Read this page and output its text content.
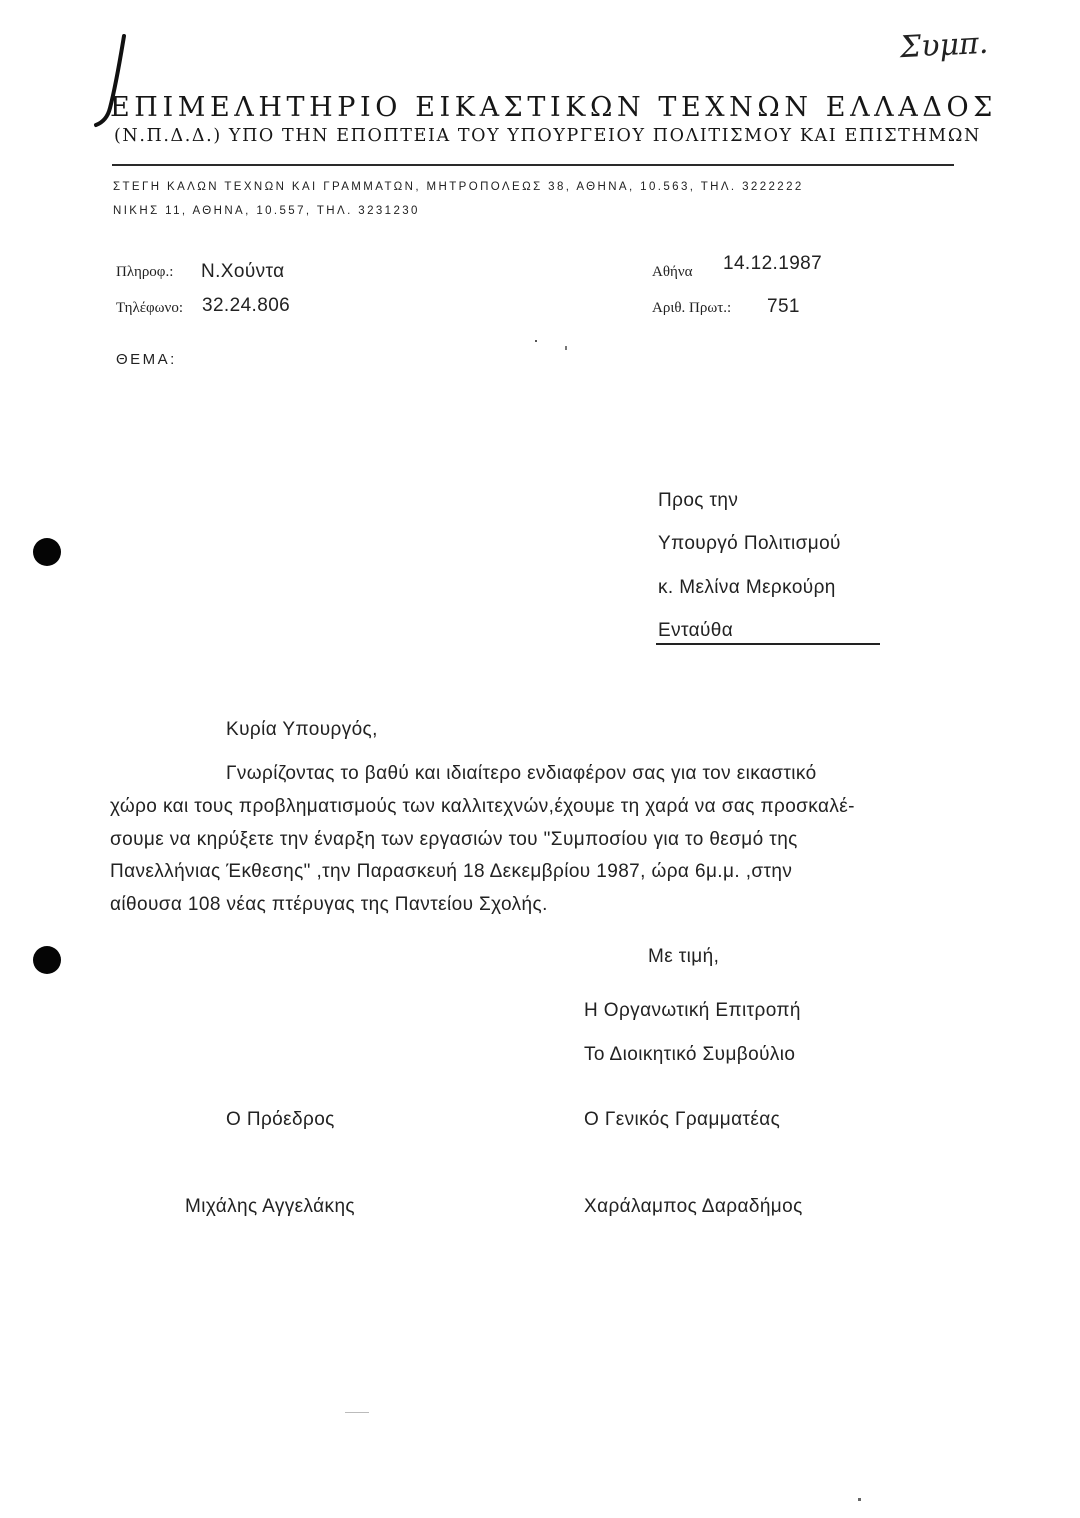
Συμπ.
ΕΠΙΜΕΛΗΤΗΡΙΟ ΕΙΚΑΣΤΙΚΩΝ ΤΕΧΝΩΝ ΕΛΛΑΔΟΣ
(Ν.Π.Δ.Δ.) ΥΠΟ ΤΗΝ ΕΠΟΠΤΕΙΑ ΤΟΥ ΥΠΟΥΡΓΕΙΟΥ ΠΟΛΙΤΙΣΜΟΥ ΚΑΙ ΕΠΙΣΤΗΜΩΝ
ΣΤΕΓΗ ΚΑΛΩΝ ΤΕΧΝΩΝ ΚΑΙ ΓΡΑΜΜΑΤΩΝ, ΜΗΤΡΟΠΟΛΕΩΣ 38, ΑΘΗΝΑ, 10.563, ΤΗΛ. 3222222
ΝΙΚΗΣ 11, ΑΘΗΝΑ, 10.557, ΤΗΛ. 3231230
Πληροφ.: Ν.Χούντα
Τηλέφωνο: 32.24.806
Αθήνα 14.12.1987
Αριθ. Πρωτ.: 751
ΘΕΜΑ:
Προς την
Υπουργό Πολιτισμού
κ. Μελίνα Μερκούρη
Ενταύθα
Κυρία Υπουργός,
Γνωρίζοντας το βαθύ και ιδιαίτερο ενδιαφέρον σας για τον εικαστικό
χώρο και τους προβληματισμούς των καλλιτεχνών,έχουμε τη χαρά να σας προσκαλέ-
σουμε να κηρύξετε την έναρξη των εργασιών του "Συμποσίου για το θεσμό της
Πανελλήνιας Έκθεσης" ,την Παρασκευή 18 Δεκεμβρίου 1987, ώρα 6μ.μ. ,στην
αίθουσα 108 νέας πτέρυγας της Παντείου Σχολής.
Με τιμή,
Η Οργανωτική Επιτροπή
Το Διοικητικό Συμβούλιο
Ο Πρόεδρος	Ο Γενικός Γραμματέας
Μιχάλης Αγγελάκης	Χαράλαμπος Δαραδήμος
